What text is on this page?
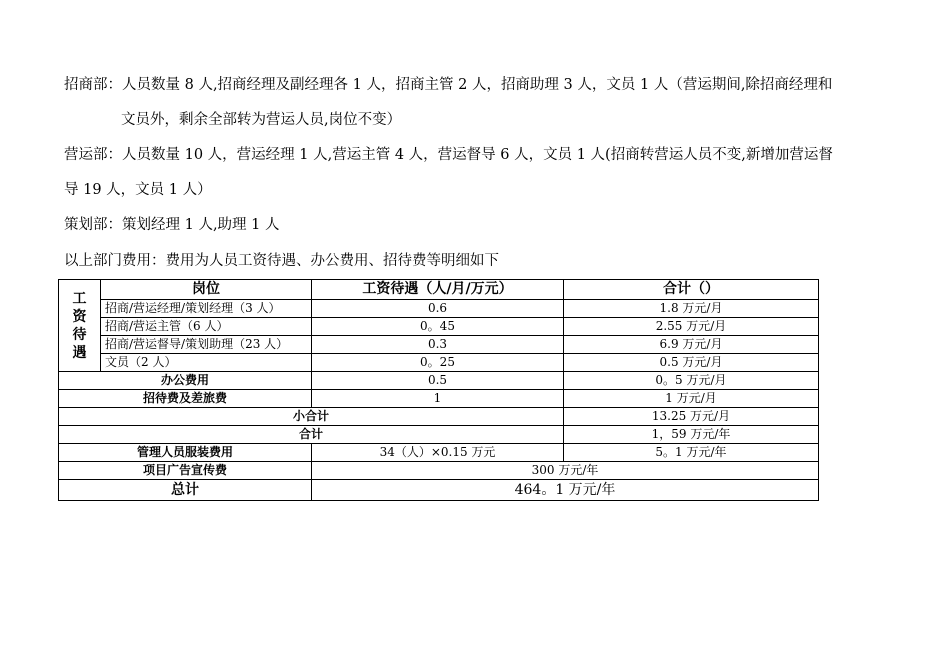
招商部：人员数量 8 人,招商经理及副经理各 1 人，招商主管 2 人，招商助理 3 人，文员 1 人（营运期间,除招商经理和
文员外，剩余全部转为营运人员,岗位不变）
营运部：人员数量 10 人，营运经理 1 人,营运主管 4 人，营运督导 6 人，文员 1 人(招商转营运人员不变,新增加营运督
导 19 人，文员 1 人）
策划部：策划经理 1 人,助理 1 人
以上部门费用：费用为人员工资待遇、办公费用、招待费等明细如下
工
资
待
遇	岗位	工资待遇（人/月/万元）	合计（）
	招商/营运经理/策划经理（3 人）	0.6	1.8 万元/月
	招商/营运主管（6 人）	0。45	2.55 万元/月
	招商/营运督导/策划助理（23 人）	0.3	6.9 万元/月
	文员（2 人）	0。25	0.5 万元/月
办公费用		0.5	0。5 万元/月
招待费及差旅费		1	1 万元/月
小合计			13.25 万元/月
合计			1，59 万元/年
管理人员服装费用		34（人）×0.15 万元	5。1 万元/年
项目广告宣传费		300 万元/年	
总计		464。1 万元/年	
